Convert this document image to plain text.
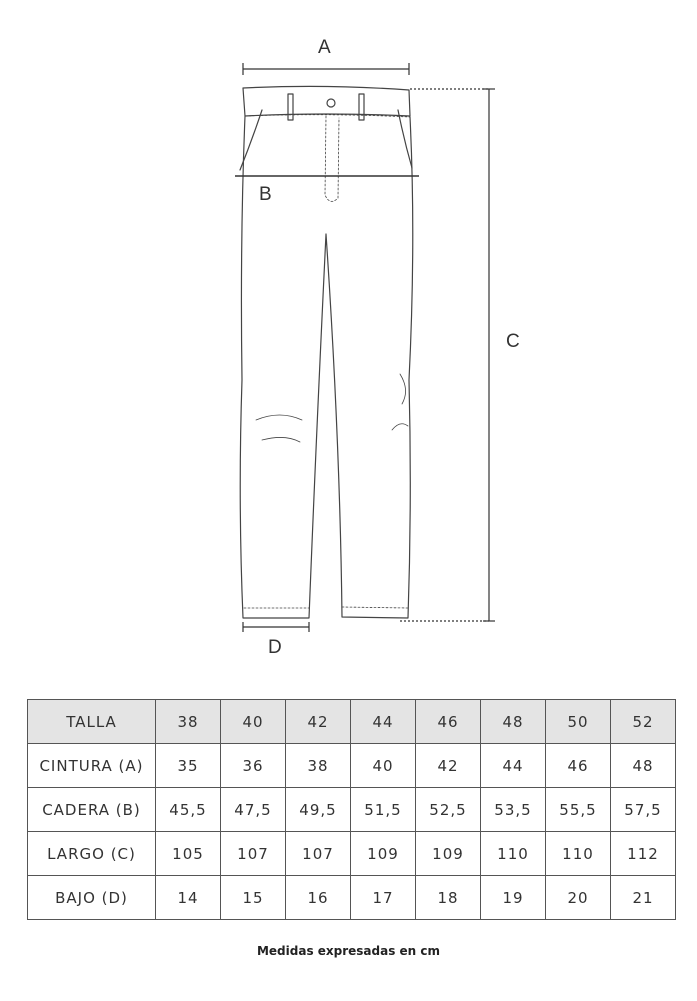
A
B
C
D
TALLA	38	40	42	44	46	48	50	52
CINTURA (A)	35	36	38	40	42	44	46	48
CADERA (B)	45,5	47,5	49,5	51,5	52,5	53,5	55,5	57,5
LARGO (C)	105	107	107	109	109	110	110	112
BAJO (D)	14	15	16	17	18	19	20	21
Medidas expresadas en cm
